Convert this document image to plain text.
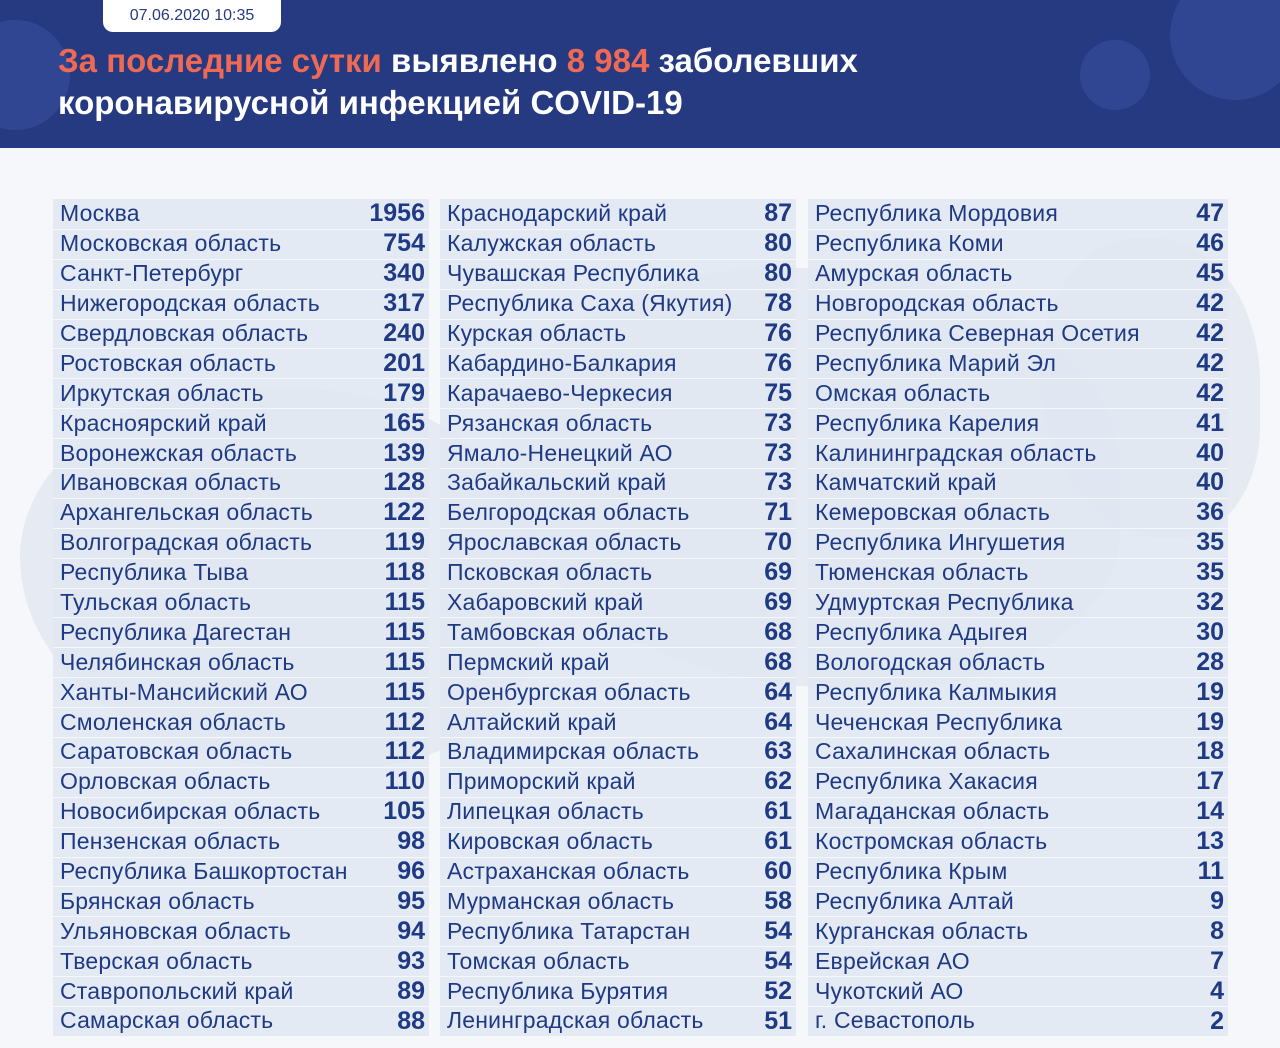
07.06.2020 10:35
За последние сутки выявлено 8 984 заболевших
коронавирусной инфекцией COVID-19
Москва	1956
Московская область	754
Санкт-Петербург	340
Нижегородская область	317
Свердловская область	240
Ростовская область	201
Иркутская область	179
Красноярский край	165
Воронежская область	139
Ивановская область	128
Архангельская область	122
Волгоградская область	119
Республика Тыва	118
Тульская область	115
Республика Дагестан	115
Челябинская область	115
Ханты-Мансийский АО	115
Смоленская область	112
Саратовская область	112
Орловская область	110
Новосибирская область	105
Пензенская область	98
Республика Башкортостан 96
Брянская область	95
Ульяновская область	94
Тверская область	93
Ставропольский край	89
Самарская область	88
Краснодарский край	87
Калужская область	80
Чувашская Республика	80
Республика Саха (Якутия) 78
Курская область	76
Кабардино-Балкария	76
Карачаево-Черкесия	75
Рязанская область	73
Ямало-Ненецкий АО	73
Забайкальский край	73
Белгородская область	71
Ярославская область	70
Псковская область	69
Хабаровский край	69
Тамбовская область	68
Пермский край	68
Оренбургская область	64
Алтайский край	64
Владимирская область	63
Приморский край	62
Липецкая область	61
Кировская область	61
Астраханская область	60
Мурманская область	58
Республика Татарстан	54
Томская область	54
Республика Бурятия	52
Ленинградская область 51
Республика Мордовия	47
Республика Коми	46
Амурская область	45
Новгородская область	42
Республика Северная Осетия 42
Республика Марий Эл	42
Омская область	42
Республика Карелия	41
Калининградская область	40
Камчатский край	40
Кемеровская область	36
Республика Ингушетия	35
Тюменская область	35
Удмуртская Республика	32
Республика Адыгея	30
Вологодская область	28
Республика Калмыкия	19
Чеченская Республика	19
Сахалинская область	18
Республика Хакасия	17
Магаданская область	14
Костромская область	13
Республика Крым	11
Республика Алтай	9
Курганская область	8
Еврейская АО	7
Чукотский АО	4
г. Севастополь	2
